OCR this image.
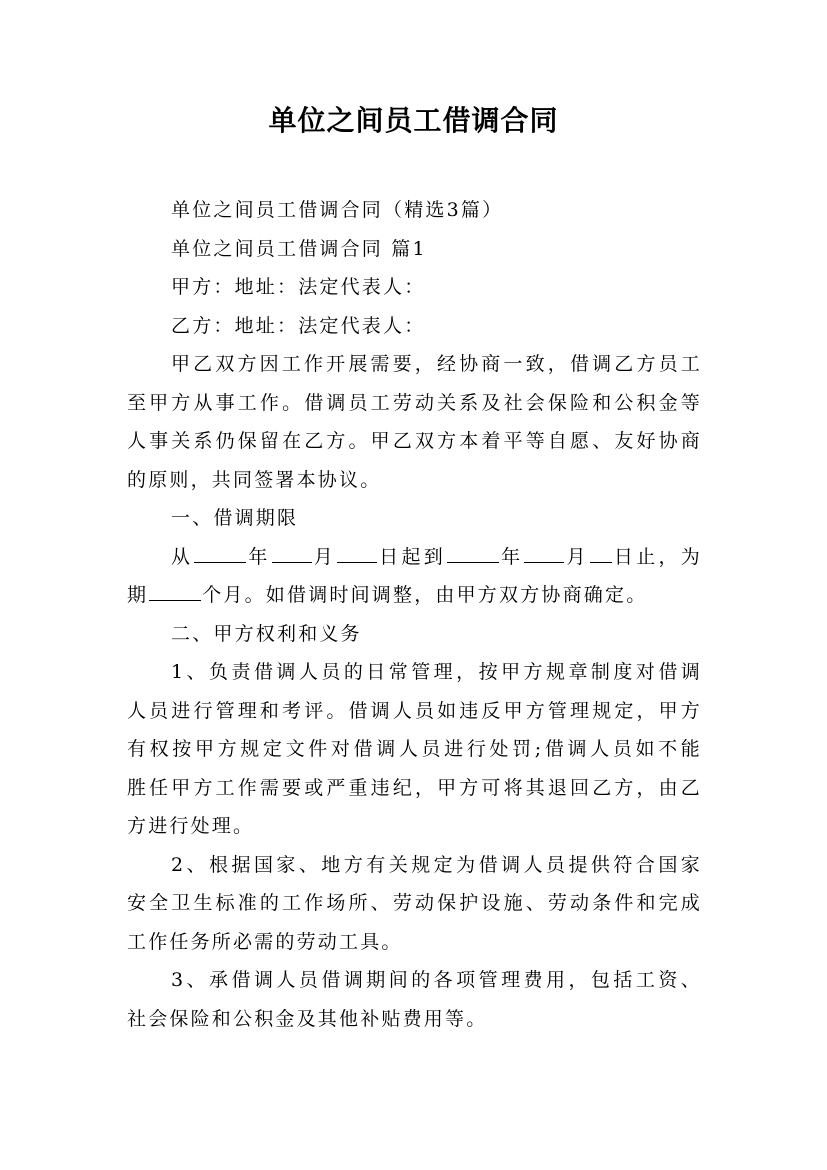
单位之间员工借调合同
单位之间员工借调合同（精选3篇）
单位之间员工借调合同 篇1
甲方：地址：法定代表人：
乙方：地址：法定代表人：
甲乙双方因工作开展需要，经协商一致，借调乙方员工
至甲方从事工作。借调员工劳动关系及社会保险和公积金等
人事关系仍保留在乙方。甲乙双方本着平等自愿、友好协商
的原则，共同签署本协议。
一、借调期限
从	年 月 日起到	年 月 日止，为
期	个月。如借调时间调整，由甲方双方协商确定。
二、甲方权利和义务
1、负责借调人员的日常管理，按甲方规章制度对借调
人员进行管理和考评。借调人员如违反甲方管理规定，甲方
有权按甲方规定文件对借调人员进行处罚;借调人员如不能
胜任甲方工作需要或严重违纪，甲方可将其退回乙方，由乙
方进行处理。
2、根据国家、地方有关规定为借调人员提供符合国家
安全卫生标准的工作场所、劳动保护设施、劳动条件和完成
工作任务所必需的劳动工具。
3、承借调人员借调期间的各项管理费用，包括工资、
社会保险和公积金及其他补贴费用等。
